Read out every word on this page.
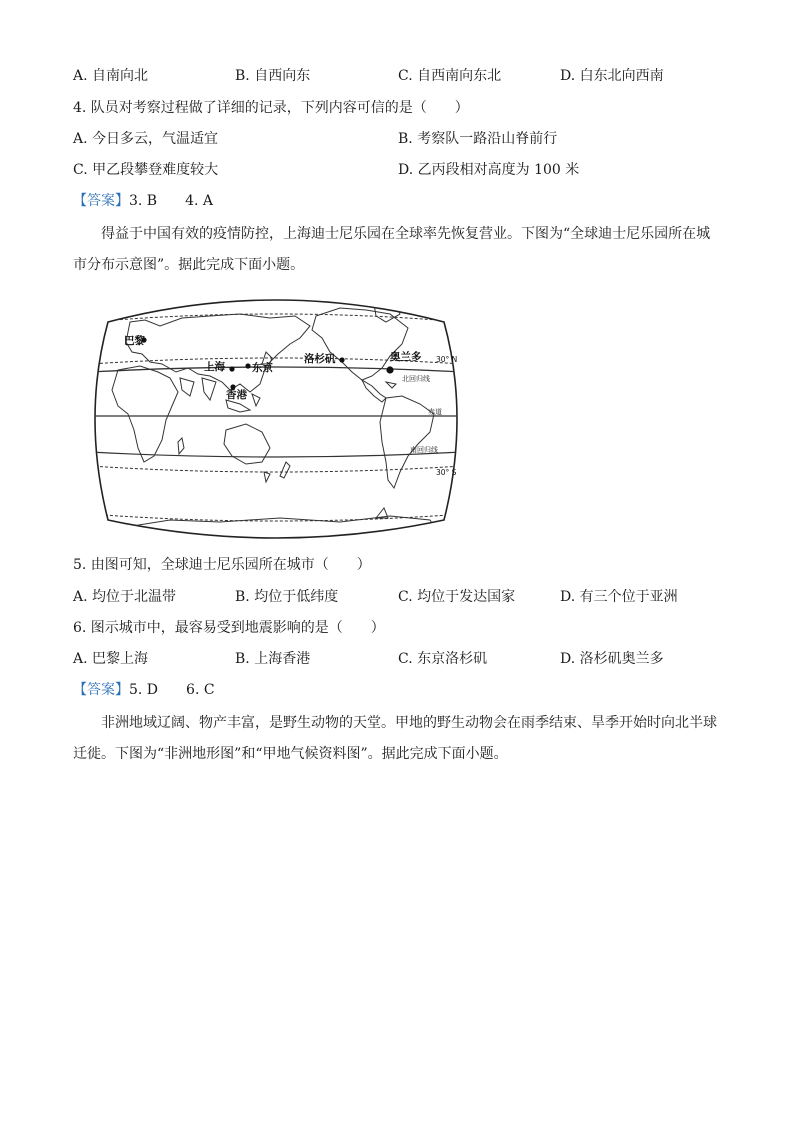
A. 自南向北	B. 自西向东	C. 自西南向东北	D. 白东北向西南
4. 队员对考察过程做了详细的记录，下列内容可信的是（　　）
A. 今日多云，气温适宜	B. 考察队一路沿山脊前行
C. 甲乙段攀登难度较大	D. 乙丙段相对高度为 100 米
【答案】3. B　　4. A
得益于中国有效的疫情防控，上海迪士尼乐园在全球率先恢复营业。下图为“全球迪士尼乐园所在城
市分布示意图”。据此完成下面小题。
巴黎
上海	东京
香港
洛杉矶	奥兰多 30° N
30° S
北回归线
赤道
南回归线
5. 由图可知，全球迪士尼乐园所在城市（　　）
A. 均位于北温带	B. 均位于低纬度	C. 均位于发达国家	D. 有三个位于亚洲
6. 图示城市中，最容易受到地震影响的是（　　）
A. 巴黎上海	B. 上海香港	C. 东京洛杉矶	D. 洛杉矶奥兰多
【答案】5. D　　6. C
非洲地域辽阔、物产丰富，是野生动物的天堂。甲地的野生动物会在雨季结束、旱季开始时向北半球
迁徙。下图为“非洲地形图”和“甲地气候资料图”。据此完成下面小题。
